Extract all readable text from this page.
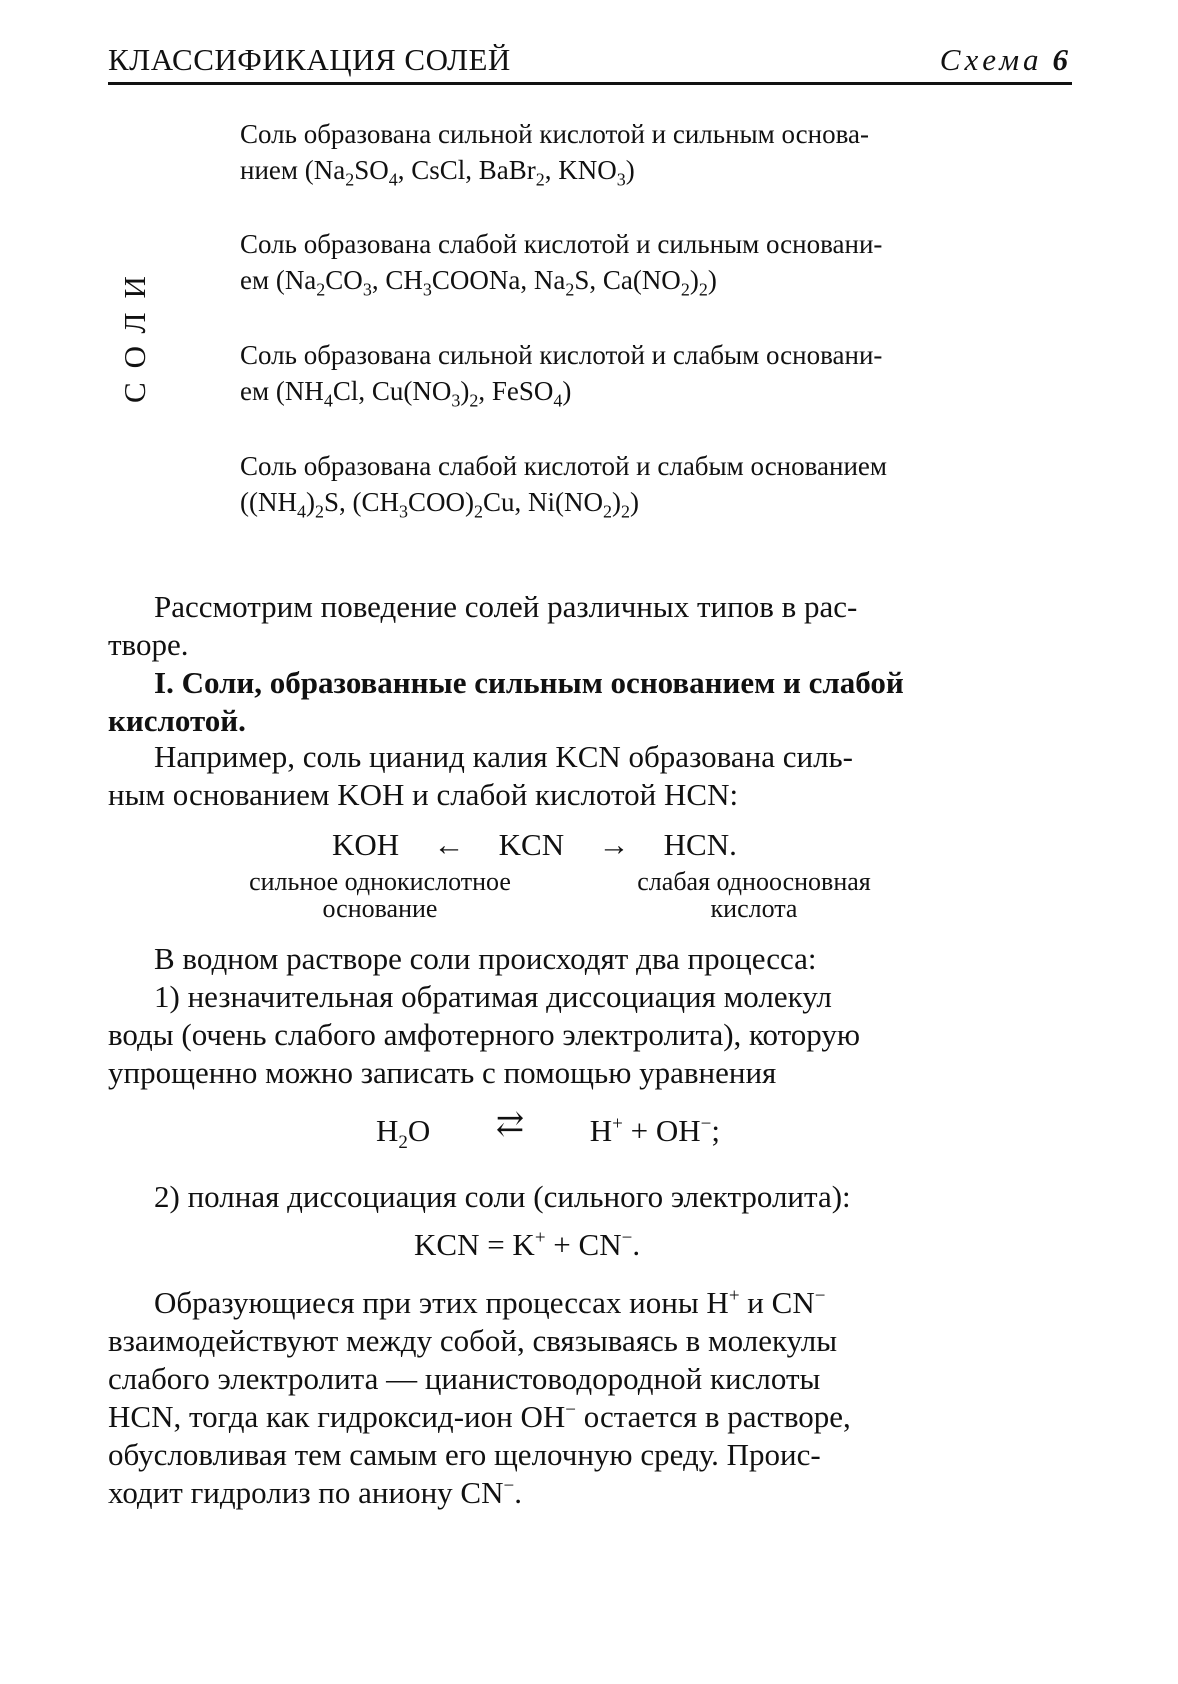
КЛАССИФИКАЦИЯ СОЛЕЙ	Схема 6
СОЛИ
Соль образована сильной кислотой и сильным основа-
нием ($Na_2SO_4$, CsCl, BaBr$_2$, $KNO_3$)
Соль образована слабой кислотой и сильным основани-
ем ($Na_2CO_3$, $CH_3COONa$, $Na_2S$, $Ca(NO_2)_2$)
Соль образована сильной кислотой и слабым основани-
ем ($NH_4Cl$, $Cu(NO_3)_2$, FeSO$_4$)
Соль образована слабой кислотой и слабым основанием
($(NH_4)_2S$, $(CH_3COO)_2Cu$, $Ni(NO_2)_2$)
Рассмотрим поведение солей различных типов в рас-
творе.
I. Соли, образованные сильным основанием и слабой
кислотой.
Например, соль цианид калия KCN образована силь-
ным основанием KOH и слабой кислотой HCN:
KOH ← KCN → HCN.
сильное однокислотное
основание
слабая одноосновная
кислота
В водном растворе соли происходят два процесса:
1) незначительная обратимая диссоциация молекул
воды (очень слабого амфотерного электролита), которую
упрощенно можно записать с помощью уравнения
$H_2O$ ⇄ H+ + OH−;
2) полная диссоциация соли (сильного электролита):
KCN = K+ + CN−.
Образующиеся при этих процессах ионы H+ и CN−
взаимодействуют между собой, связываясь в молекулы
слабого электролита — цианистоводородной кислоты
HCN, тогда как гидроксид-ион OH− остается в растворе,
обусловливая тем самым его щелочную среду. Проис-
ходит гидролиз по аниону CN−.
